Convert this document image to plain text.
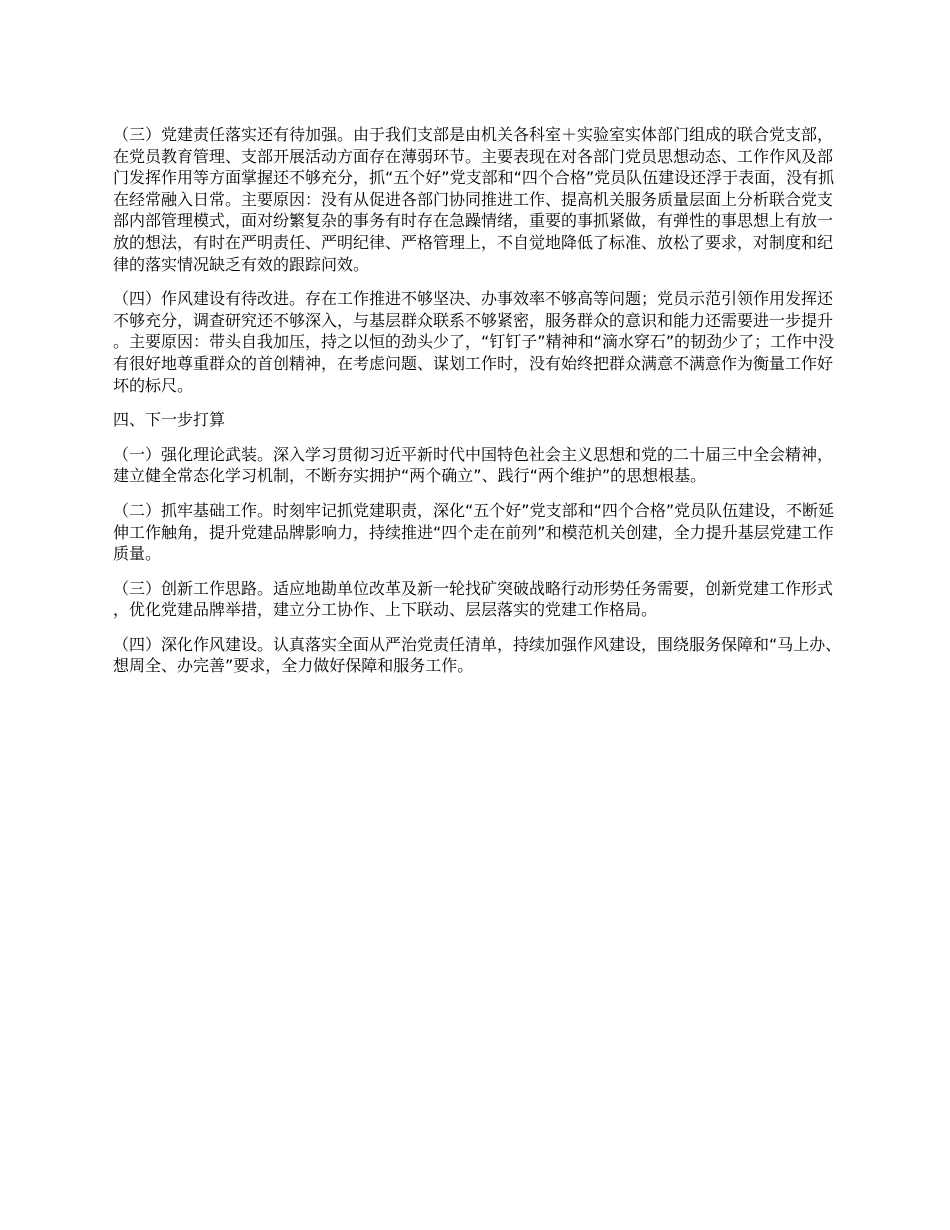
（三）党建责任落实还有待加强。由于我们支部是由机关各科室＋实验室实体部门组成的联合党支部，在党员教育管理、支部开展活动方面存在薄弱环节。主要表现在对各部门党员思想动态、工作作风及部门发挥作用等方面掌握还不够充分，抓“五个好”党支部和“四个合格”党员队伍建设还浮于表面，没有抓在经常融入日常。主要原因：没有从促进各部门协同推进工作、提高机关服务质量层面上分析联合党支部内部管理模式，面对纷繁复杂的事务有时存在急躁情绪，重要的事抓紧做，有弹性的事思想上有放一放的想法，有时在严明责任、严明纪律、严格管理上，不自觉地降低了标准、放松了要求，对制度和纪律的落实情况缺乏有效的跟踪问效。

（四）作风建设有待改进。存在工作推进不够坚决、办事效率不够高等问题；党员示范引领作用发挥还不够充分，调查研究还不够深入，与基层群众联系不够紧密，服务群众的意识和能力还需要进一步提升。主要原因：带头自我加压，持之以恒的劲头少了，“钉钉子”精神和“滴水穿石”的韧劲少了；工作中没有很好地尊重群众的首创精神，在考虑问题、谋划工作时，没有始终把群众满意不满意作为衡量工作好坏的标尺。

四、下一步打算

（一）强化理论武装。深入学习贯彻习近平新时代中国特色社会主义思想和党的二十届三中全会精神，建立健全常态化学习机制，不断夯实拥护“两个确立”、践行“两个维护”的思想根基。

（二）抓牢基础工作。时刻牢记抓党建职责，深化“五个好”党支部和“四个合格”党员队伍建设，不断延伸工作触角，提升党建品牌影响力，持续推进“四个走在前列”和模范机关创建，全力提升基层党建工作质量。

（三）创新工作思路。适应地勘单位改革及新一轮找矿突破战略行动形势任务需要，创新党建工作形式，优化党建品牌举措，建立分工协作、上下联动、层层落实的党建工作格局。

（四）深化作风建设。认真落实全面从严治党责任清单，持续加强作风建设，围绕服务保障和“马上办、想周全、办完善”要求，全力做好保障和服务工作。
